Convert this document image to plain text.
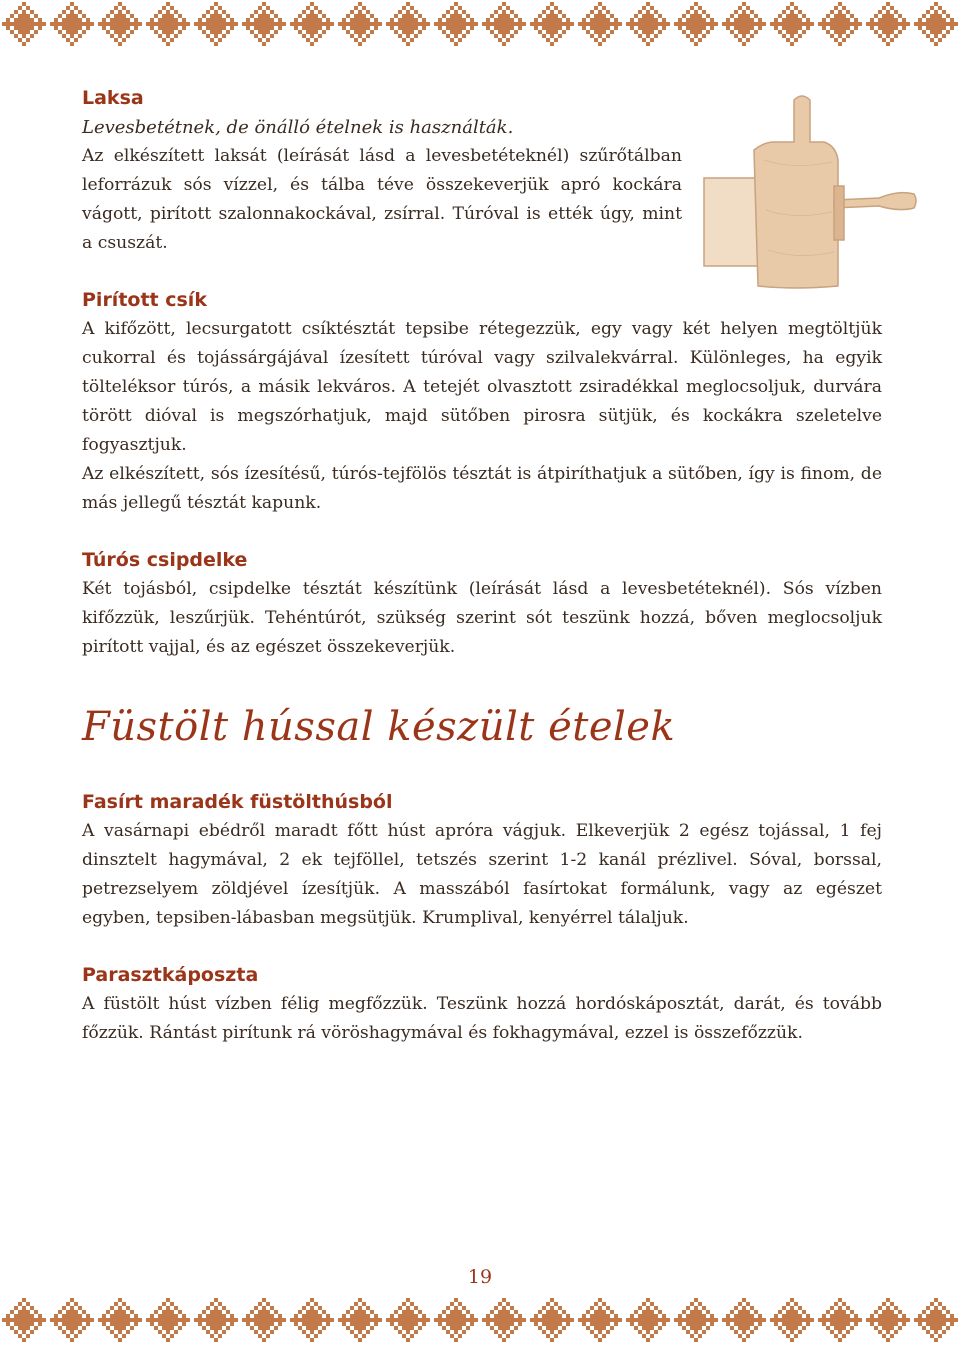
Laksa
Levesbetétnek, de önálló ételnek is használták.
Az elkészített laksát (leírását lásd a levesbetéteknél) szűrőtálban leforrázuk sós vízzel, és tálba téve összekeverjük apró kockára vágott, pirított szalonnakockával, zsírral. Túróval is ették úgy, mint a csuszát.
Pirított csík
A kifőzött, lecsurgatott csíktésztát tepsibe rétegezzük, egy vagy két helyen megtöltjük cukorral és tojássárgájával ízesített túróval vagy szilvalekvárral. Különleges, ha egyik tölteléksor túrós, a másik lekváros. A tetejét olvasztott zsiradékkal meglocsoljuk, durvára törött dióval is megszórhatjuk, majd sütőben pirosra sütjük, és kockákra szeletelve fogyasztjuk.
Az elkészített, sós ízesítésű, túrós-tejfölös tésztát is átpiríthatjuk a sütőben, így is finom, de más jellegű tésztát kapunk.
Túrós csipdelke
Két tojásból, csipdelke tésztát készítünk (leírását lásd a levesbetéteknél). Sós vízben kifőzzük, leszűrjük. Tehéntúrót, szükség szerint sót teszünk hozzá, bőven meglocsoljuk pirított vajjal, és az egészet összekeverjük.
Füstölt hússal készült ételek
Fasírt maradék füstölthúsból
A vasárnapi ebédről maradt főtt húst apróra vágjuk. Elkeverjük 2 egész tojással, 1 fej dinsztelt hagymával, 2 ek tejföllel, tetszés szerint 1-2 kanál prézlivel. Sóval, borssal, petrezselyem zöldjével ízesítjük. A masszából fasírtokat formálunk, vagy az egészet egyben, tepsiben-lábasban megsütjük. Krumplival, kenyérrel tálaljuk.
Parasztkáposzta
A füstölt húst vízben félig megfőzzük. Teszünk hozzá hordóskáposztát, darát, és tovább főzzük. Rántást pirítunk rá vöröshagymával és fokhagymával, ezzel is összefőzzük.
19
